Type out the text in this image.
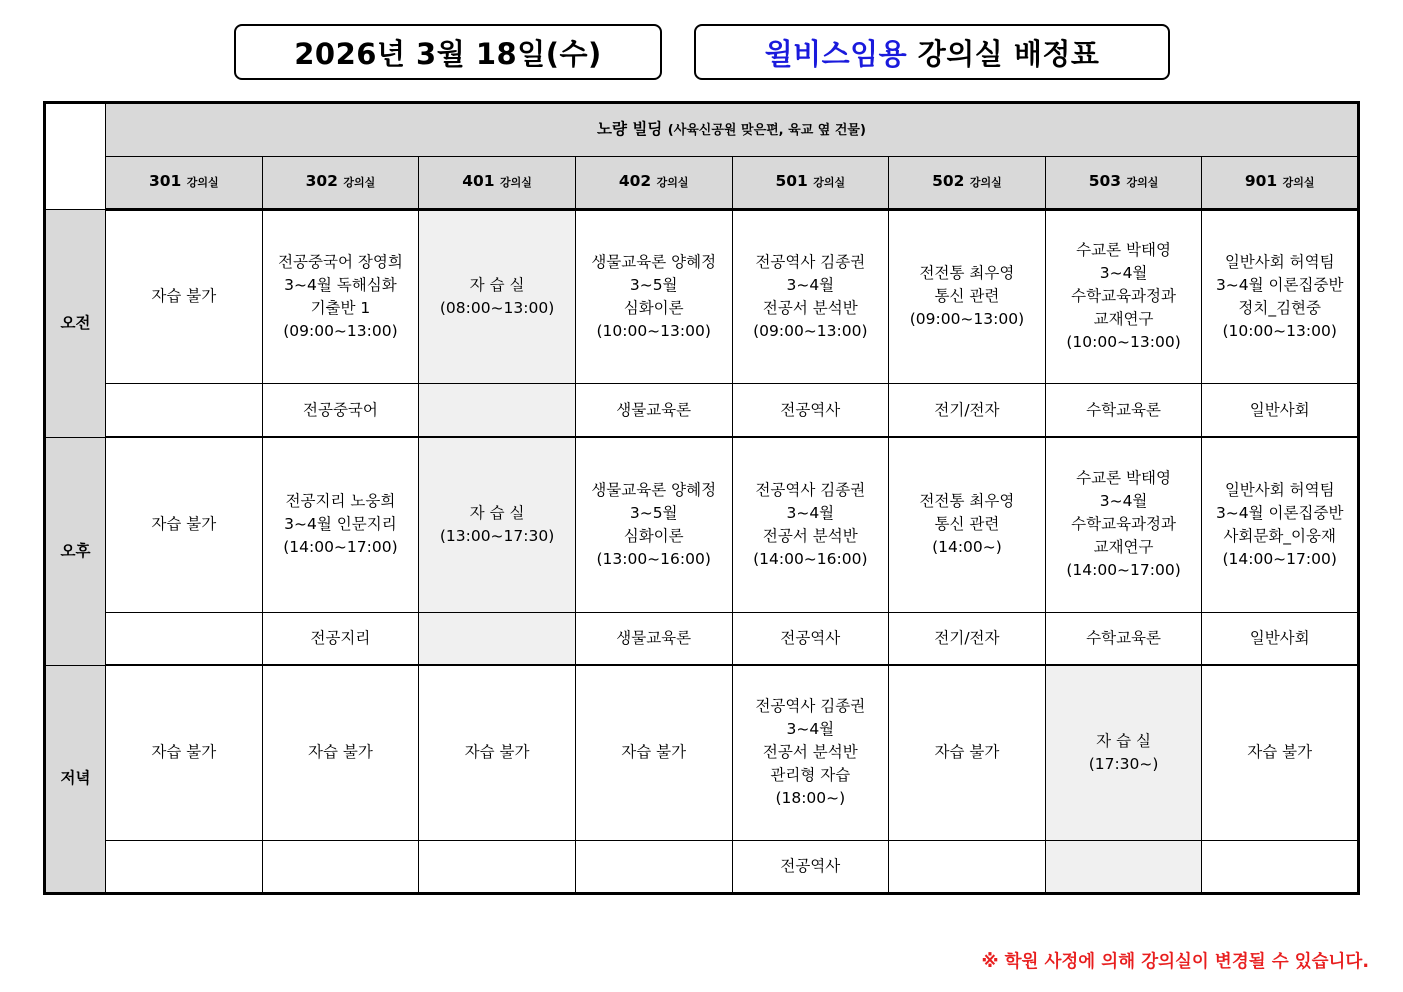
2026년 3월 18일(수)	윌비스임용
강의실 배정표
	노량 빌딩 (사육신공원 맞은편, 육교 옆 건물)							
	301 강의실	302 강의실	401 강의실	402 강의실	501 강의실	502 강의실	503 강의실	901 강의실
오전	자습 불가	전공중국어 장영희
3~4월 독해심화
기출반 1
(09:00~13:00)	자 습 실
(08:00~13:00)	생물교육론 양혜정
3~5월
심화이론
(10:00~13:00)	전공역사 김종권
3~4월
전공서 분석반
(09:00~13:00)	전전통 최우영
통신 관련
(09:00~13:00)	수교론 박태영
3~4월
수학교육과정과
교재연구
(10:00~13:00)	일반사회 허역팀
3~4월 이론집중반
정치_김현중
(10:00~13:00)
		전공중국어		생물교육론	전공역사	전기/전자	수학교육론	일반사회
오후	자습 불가	전공지리 노웅희
3~4월 인문지리
(14:00~17:00)	자 습 실
(13:00~17:30)	생물교육론 양혜정
3~5월
심화이론
(13:00~16:00)	전공역사 김종권
3~4월
전공서 분석반
(14:00~16:00)	전전통 최우영
통신 관련
(14:00~)	수교론 박태영
3~4월
수학교육과정과
교재연구
(14:00~17:00)	일반사회 허역팀
3~4월 이론집중반
사회문화_이웅재
(14:00~17:00)
		전공지리		생물교육론	전공역사	전기/전자	수학교육론	일반사회
저녁	자습 불가	자습 불가	자습 불가	자습 불가	전공역사 김종권
3~4월
전공서 분석반
관리형 자습
(18:00~)	자습 불가	자 습 실
(17:30~)	자습 불가
					전공역사			
※ 학원 사정에 의해 강의실이 변경될 수 있습니다.
